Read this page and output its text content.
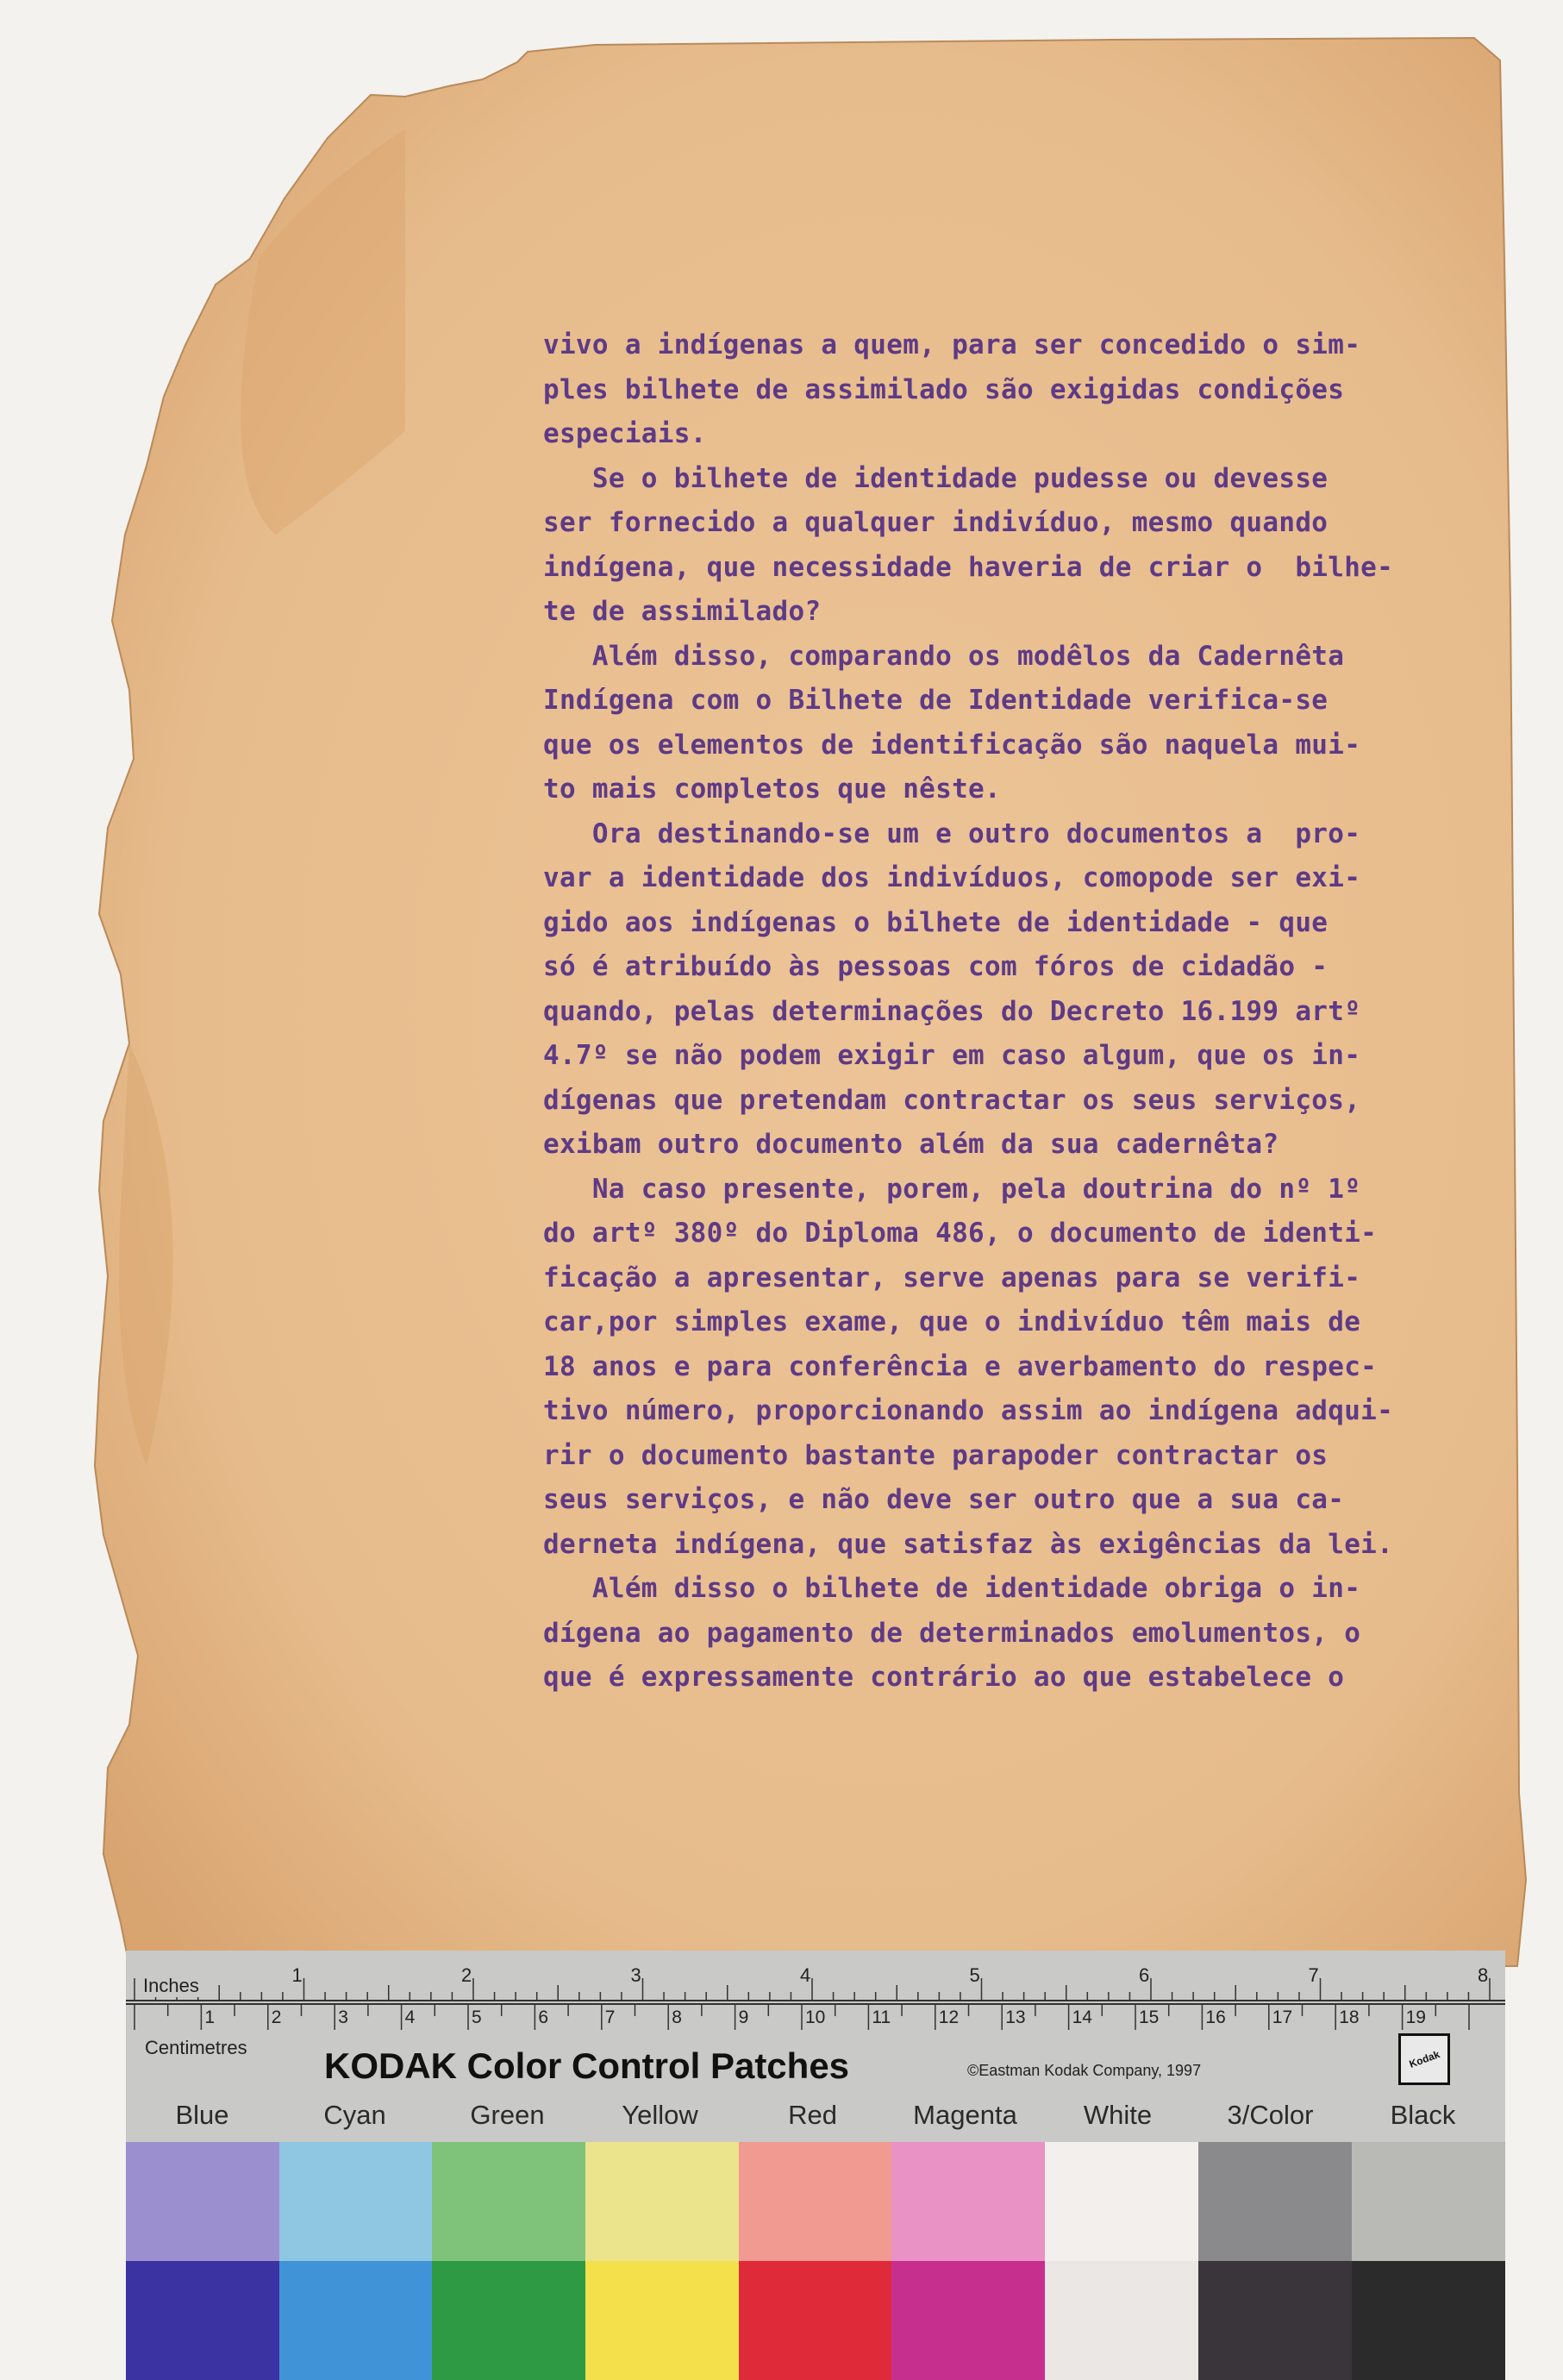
vivo a indígenas a quem, para ser concedido o sim-
ples bilhete de assimilado são exigidas condições
especiais.
Se o bilhete de identidade pudesse ou devesse
ser fornecido a qualquer indivíduo, mesmo quando
indígena, que necessidade haveria de criar o  bilhe-
te de assimilado?
Além disso, comparando os modêlos da Cadernêta
Indígena com o Bilhete de Identidade verifica-se
que os elementos de identificação são naquela mui-
to mais completos que nêste.
Ora destinando-se um e outro documentos a  pro-
var a identidade dos indivíduos, comopode ser exi-
gido aos indígenas o bilhete de identidade - que
só é atribuído às pessoas com fóros de cidadão -
quando, pelas determinações do Decreto 16.199 artº
4.7º se não podem exigir em caso algum, que os in-
dígenas que pretendam contractar os seus serviços,
exibam outro documento além da sua cadernêta?
Na caso presente, porem, pela doutrina do nº 1º
do artº 380º do Diploma 486, o documento de identi-
ficação a apresentar, serve apenas para se verifi-
car,por simples exame, que o indivíduo têm mais de
18 anos e para conferência e averbamento do respec-
tivo número, proporcionando assim ao indígena adqui-
rir o documento bastante parapoder contractar os
seus serviços, e não deve ser outro que a sua ca-
derneta indígena, que satisfaz às exigências da lei.
Além disso o bilhete de identidade obriga o in-
dígena ao pagamento de determinados emolumentos, o
que é expressamente contrário ao que estabelece o
1	2	3	4	5	6	7	8
1	2	3	4	5	6	7	8	9	10	11	12	13	14	15	16	17	18	19
Inches
Centimetres KODAK Color Control Patches	©Eastman Kodak Company, 1997
Kodak
Blue	Cyan	Green	Yellow	Red	Magenta	White	3/Color	Black
